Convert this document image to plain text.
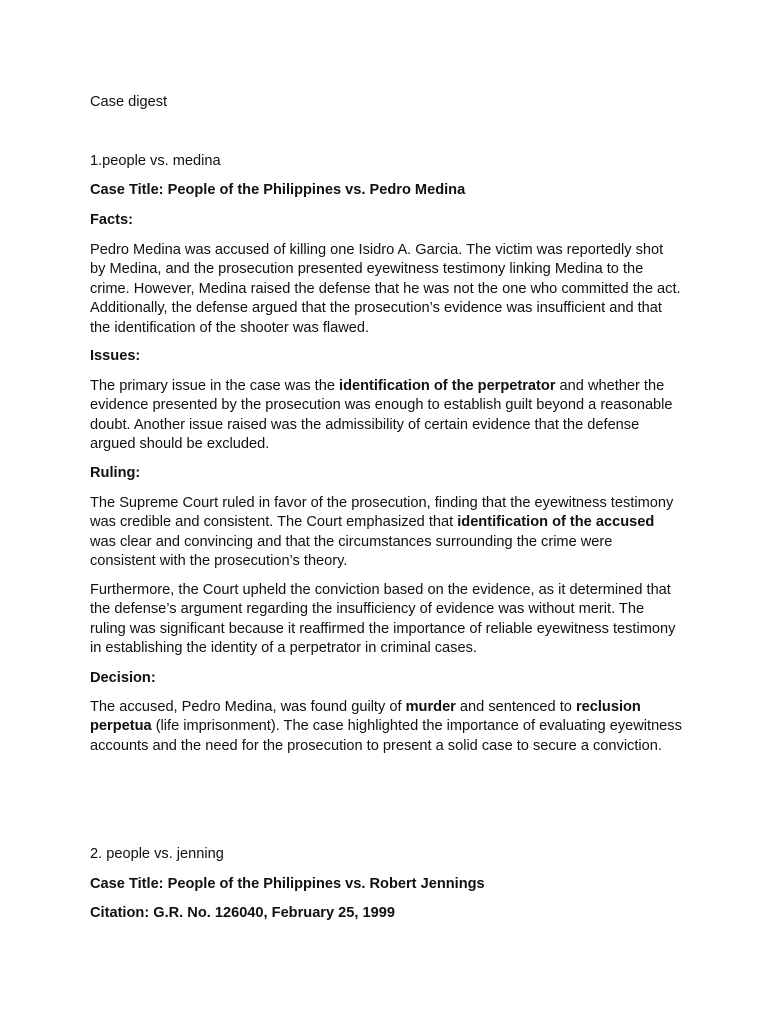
Case digest
1.people vs. medina
Case Title: People of the Philippines vs. Pedro Medina
Facts:
Pedro Medina was accused of killing one Isidro A. Garcia. The victim was reportedly shot by Medina, and the prosecution presented eyewitness testimony linking Medina to the crime. However, Medina raised the defense that he was not the one who committed the act. Additionally, the defense argued that the prosecution’s evidence was insufficient and that the identification of the shooter was flawed.
Issues:
The primary issue in the case was the identification of the perpetrator and whether the evidence presented by the prosecution was enough to establish guilt beyond a reasonable doubt. Another issue raised was the admissibility of certain evidence that the defense argued should be excluded.
Ruling:
The Supreme Court ruled in favor of the prosecution, finding that the eyewitness testimony was credible and consistent. The Court emphasized that identification of the accused was clear and convincing and that the circumstances surrounding the crime were consistent with the prosecution’s theory.
Furthermore, the Court upheld the conviction based on the evidence, as it determined that the defense’s argument regarding the insufficiency of evidence was without merit. The ruling was significant because it reaffirmed the importance of reliable eyewitness testimony in establishing the identity of a perpetrator in criminal cases.
Decision:
The accused, Pedro Medina, was found guilty of murder and sentenced to reclusion perpetua (life imprisonment). The case highlighted the importance of evaluating eyewitness accounts and the need for the prosecution to present a solid case to secure a conviction.
2. people vs. jenning
Case Title: People of the Philippines vs. Robert Jennings
Citation: G.R. No. 126040, February 25, 1999
